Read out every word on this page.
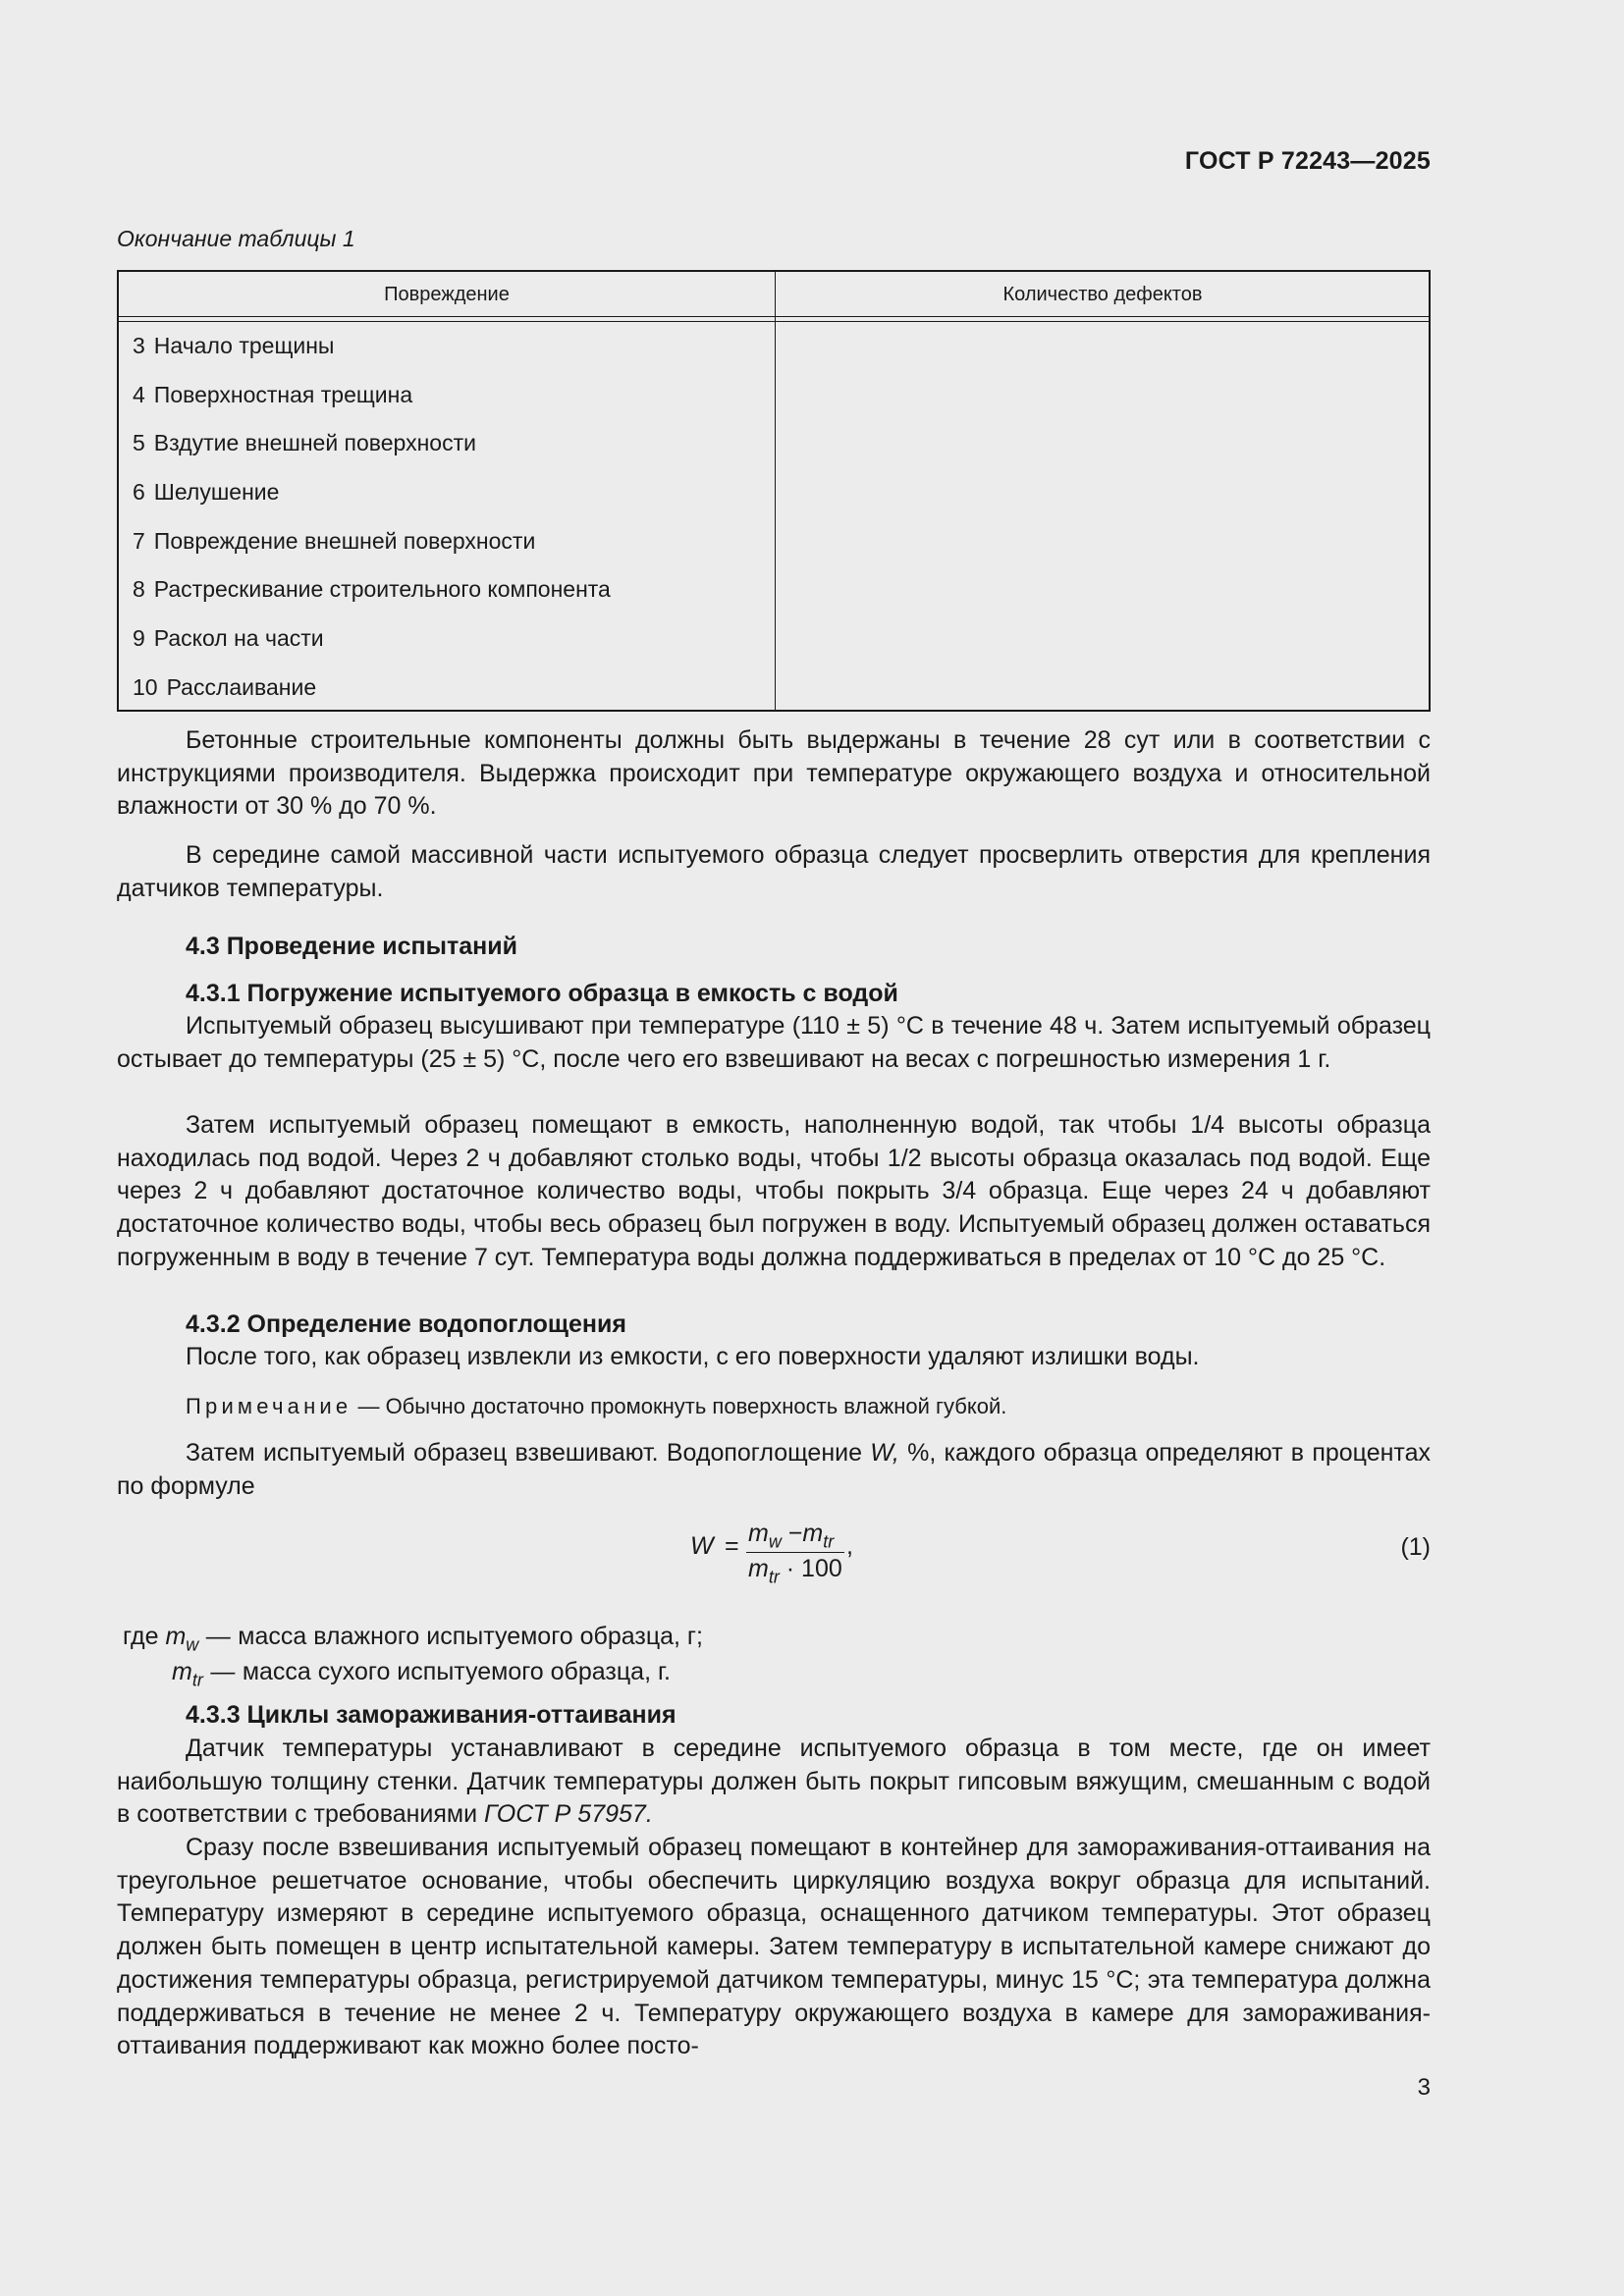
ГОСТ Р 72243—2025
Окончание таблицы 1
Повреждение	Количество дефектов
3 Начало трещины
4 Поверхностная трещина
5 Вздутие внешней поверхности
6 Шелушение
7 Повреждение внешней поверхности
8 Растрескивание строительного компонента
9 Раскол на части
10 Расслаивание

Бетонные строительные компоненты должны быть выдержаны в течение 28 сут или в соответствии с инструкциями производителя. Выдержка происходит при температуре окружающего воздуха и относительной влажности от 30 % до 70 %.

В середине самой массивной части испытуемого образца следует просверлить отверстия для крепления датчиков температуры.

4.3 Проведение испытаний
4.3.1 Погружение испытуемого образца в емкость с водой

Испытуемый образец высушивают при температуре (110 ± 5) °С в течение 48 ч. Затем испытуемый образец остывает до температуры (25 ± 5) °С, после чего его взвешивают на весах с погрешностью измерения 1 г.

Затем испытуемый образец помещают в емкость, наполненную водой, так чтобы 1/4 высоты образца находилась под водой. Через 2 ч добавляют столько воды, чтобы 1/2 высоты образца оказалась под водой. Еще через 2 ч добавляют достаточное количество воды, чтобы покрыть 3/4 образца. Еще через 24 ч добавляют достаточное количество воды, чтобы весь образец был погружен в воду. Испытуемый образец должен оставаться погруженным в воду в течение 7 сут. Температура воды должна поддерживаться в пределах от 10 °С до 25 °С.

4.3.2 Определение водопоглощения

После того, как образец извлекли из емкости, с его поверхности удаляют излишки воды.

Примечание — Обычно достаточно промокнуть поверхность влажной губкой.

Затем испытуемый образец взвешивают. Водопоглощение W, %, каждого образца определяют в процентах по формуле

$W = m_w -m_{tr}$
$m_{tr} \cdot 100$
,	(1)
где $m_w$ — масса влажного испытуемого образца, г;
$m_{tr}$ — масса сухого испытуемого образца, г.
4.3.3 Циклы замораживания-оттаивания

Датчик температуры устанавливают в середине испытуемого образца в том месте, где он имеет наибольшую толщину стенки. Датчик температуры должен быть покрыт гипсовым вяжущим, смешанным с водой в соответствии с требованиями ГОСТ Р 57957.

Сразу после взвешивания испытуемый образец помещают в контейнер для замораживания-оттаивания на треугольное решетчатое основание, чтобы обеспечить циркуляцию воздуха вокруг образца для испытаний. Температуру измеряют в середине испытуемого образца, оснащенного датчиком температуры. Этот образец должен быть помещен в центр испытательной камеры. Затем температуру в испытательной камере снижают до достижения температуры образца, регистрируемой датчиком температуры, минус 15 °С; эта температура должна поддерживаться в течение не менее 2 ч. Температуру окружающего воздуха в камере для замораживания-оттаивания поддерживают как можно более посто-

3
